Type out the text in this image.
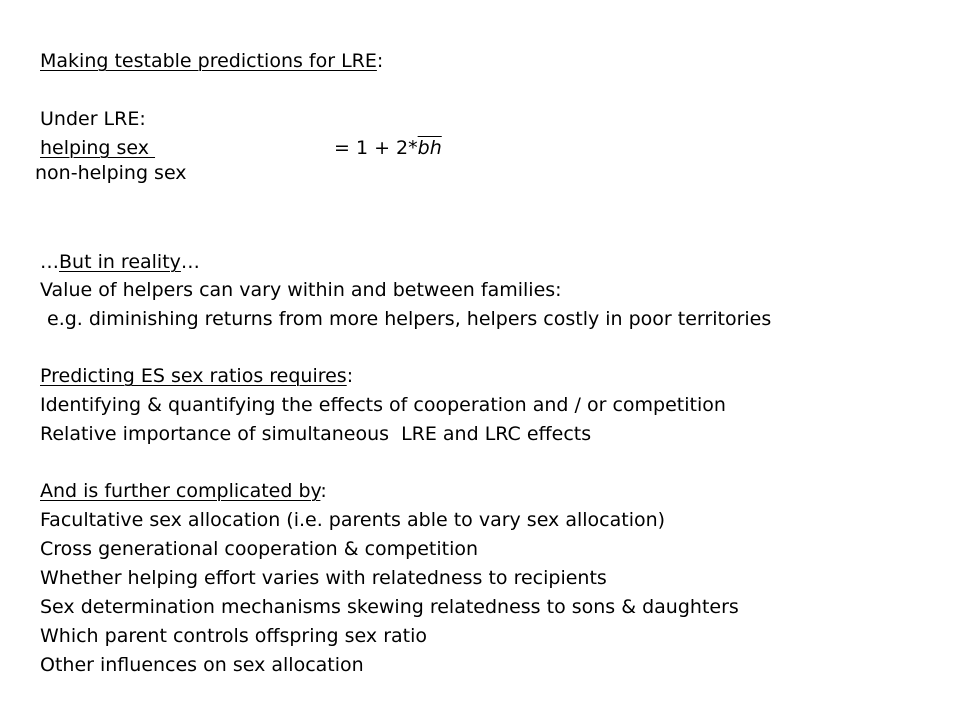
Making testable predictions for LRE:
Under LRE:
helping sex	= $1 + 2*\overline{bh}$
non-helping sex
…But in reality…
Value of helpers can vary within and between families:
e.g. diminishing returns from more helpers, helpers costly in poor territories
Predicting ES sex ratios requires:
Identifying & quantifying the effects of cooperation and / or competition
Relative importance of simultaneous  LRE and LRC effects
And is further complicated by:
Facultative sex allocation (i.e. parents able to vary sex allocation)
Cross generational cooperation & competition
Whether helping effort varies with relatedness to recipients
Sex determination mechanisms skewing relatedness to sons & daughters
Which parent controls offspring sex ratio
Other influences on sex allocation
